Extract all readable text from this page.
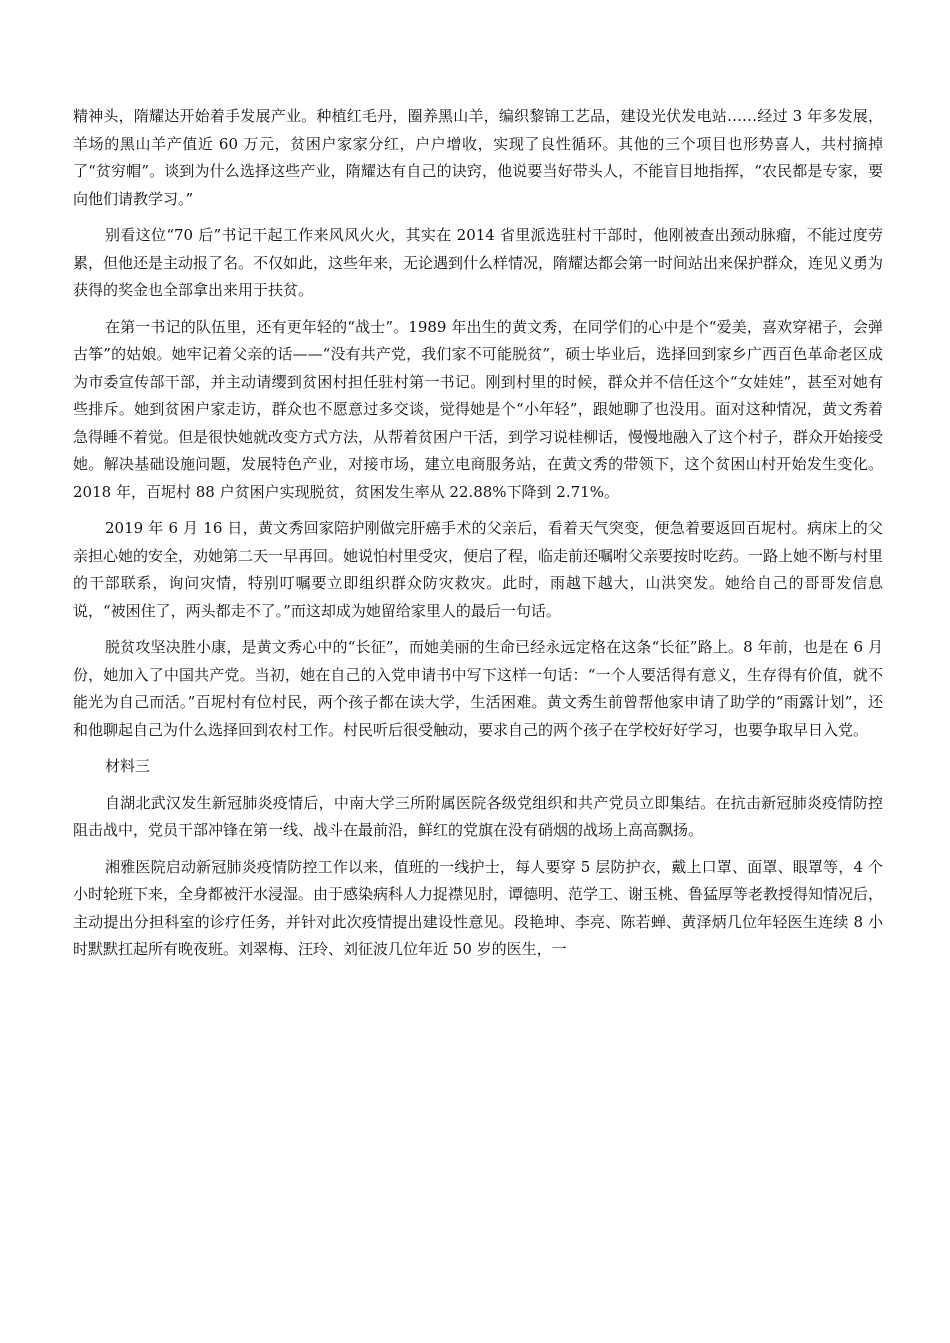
精神头，隋耀达开始着手发展产业。种植红毛丹，圈养黑山羊，编织黎锦工艺品，建设光伏发电站……经过 3 年多发展，羊场的黑山羊产值近 60 万元，贫困户家家分红，户户增收，实现了良性循环。其他的三个项目也形势喜人，共村摘掉了“贫穷帽”。谈到为什么选择这些产业，隋耀达有自己的诀窍，他说要当好带头人，不能盲目地指挥，“农民都是专家，要向他们请教学习。”

别看这位“70 后”书记干起工作来风风火火，其实在 2014 省里派选驻村干部时，他刚被查出颈动脉瘤，不能过度劳累，但他还是主动报了名。不仅如此，这些年来，无论遇到什么样情况，隋耀达都会第一时间站出来保护群众，连见义勇为获得的奖金也全部拿出来用于扶贫。

在第一书记的队伍里，还有更年轻的“战士”。1989 年出生的黄文秀，在同学们的心中是个“爱美，喜欢穿裙子，会弹古筝”的姑娘。她牢记着父亲的话——“没有共产党，我们家不可能脱贫”，硕士毕业后，选择回到家乡广西百色革命老区成为市委宣传部干部，并主动请缨到贫困村担任驻村第一书记。刚到村里的时候，群众并不信任这个“女娃娃”，甚至对她有些排斥。她到贫困户家走访，群众也不愿意过多交谈，觉得她是个“小年轻”，跟她聊了也没用。面对这种情况，黄文秀着急得睡不着觉。但是很快她就改变方式方法，从帮着贫困户干活，到学习说桂柳话，慢慢地融入了这个村子，群众开始接受她。解决基础设施问题，发展特色产业，对接市场，建立电商服务站，在黄文秀的带领下，这个贫困山村开始发生变化。2018 年，百坭村 88 户贫困户实现脱贫，贫困发生率从 22.88%下降到 2.71%。

2019 年 6 月 16 日，黄文秀回家陪护刚做完肝癌手术的父亲后，看着天气突变，便急着要返回百坭村。病床上的父亲担心她的安全，劝她第二天一早再回。她说怕村里受灾，便启了程，临走前还嘱咐父亲要按时吃药。一路上她不断与村里的干部联系，询问灾情，特别叮嘱要立即组织群众防灾救灾。此时，雨越下越大，山洪突发。她给自己的哥哥发信息说，“被困住了，两头都走不了。”而这却成为她留给家里人的最后一句话。

脱贫攻坚决胜小康，是黄文秀心中的“长征”，而她美丽的生命已经永远定格在这条“长征”路上。8 年前，也是在 6 月份，她加入了中国共产党。当初，她在自己的入党申请书中写下这样一句话：“一个人要活得有意义，生存得有价值，就不能光为自己而活。”百坭村有位村民，两个孩子都在读大学，生活困难。黄文秀生前曾帮他家申请了助学的“雨露计划”，还和他聊起自己为什么选择回到农村工作。村民听后很受触动，要求自己的两个孩子在学校好好学习，也要争取早日入党。

材料三

自湖北武汉发生新冠肺炎疫情后，中南大学三所附属医院各级党组织和共产党员立即集结。在抗击新冠肺炎疫情防控阻击战中，党员干部冲锋在第一线、战斗在最前沿，鲜红的党旗在没有硝烟的战场上高高飘扬。

湘雅医院启动新冠肺炎疫情防控工作以来，值班的一线护士，每人要穿 5 层防护衣，戴上口罩、面罩、眼罩等，4 个小时轮班下来，全身都被汗水浸湿。由于感染病科人力捉襟见肘，谭德明、范学工、谢玉桃、鲁猛厚等老教授得知情况后，主动提出分担科室的诊疗任务，并针对此次疫情提出建设性意见。段艳坤、李亮、陈若蝉、黄泽炳几位年轻医生连续 8 小时默默扛起所有晚夜班。刘翠梅、汪玲、刘征波几位年近 50 岁的医生，一
